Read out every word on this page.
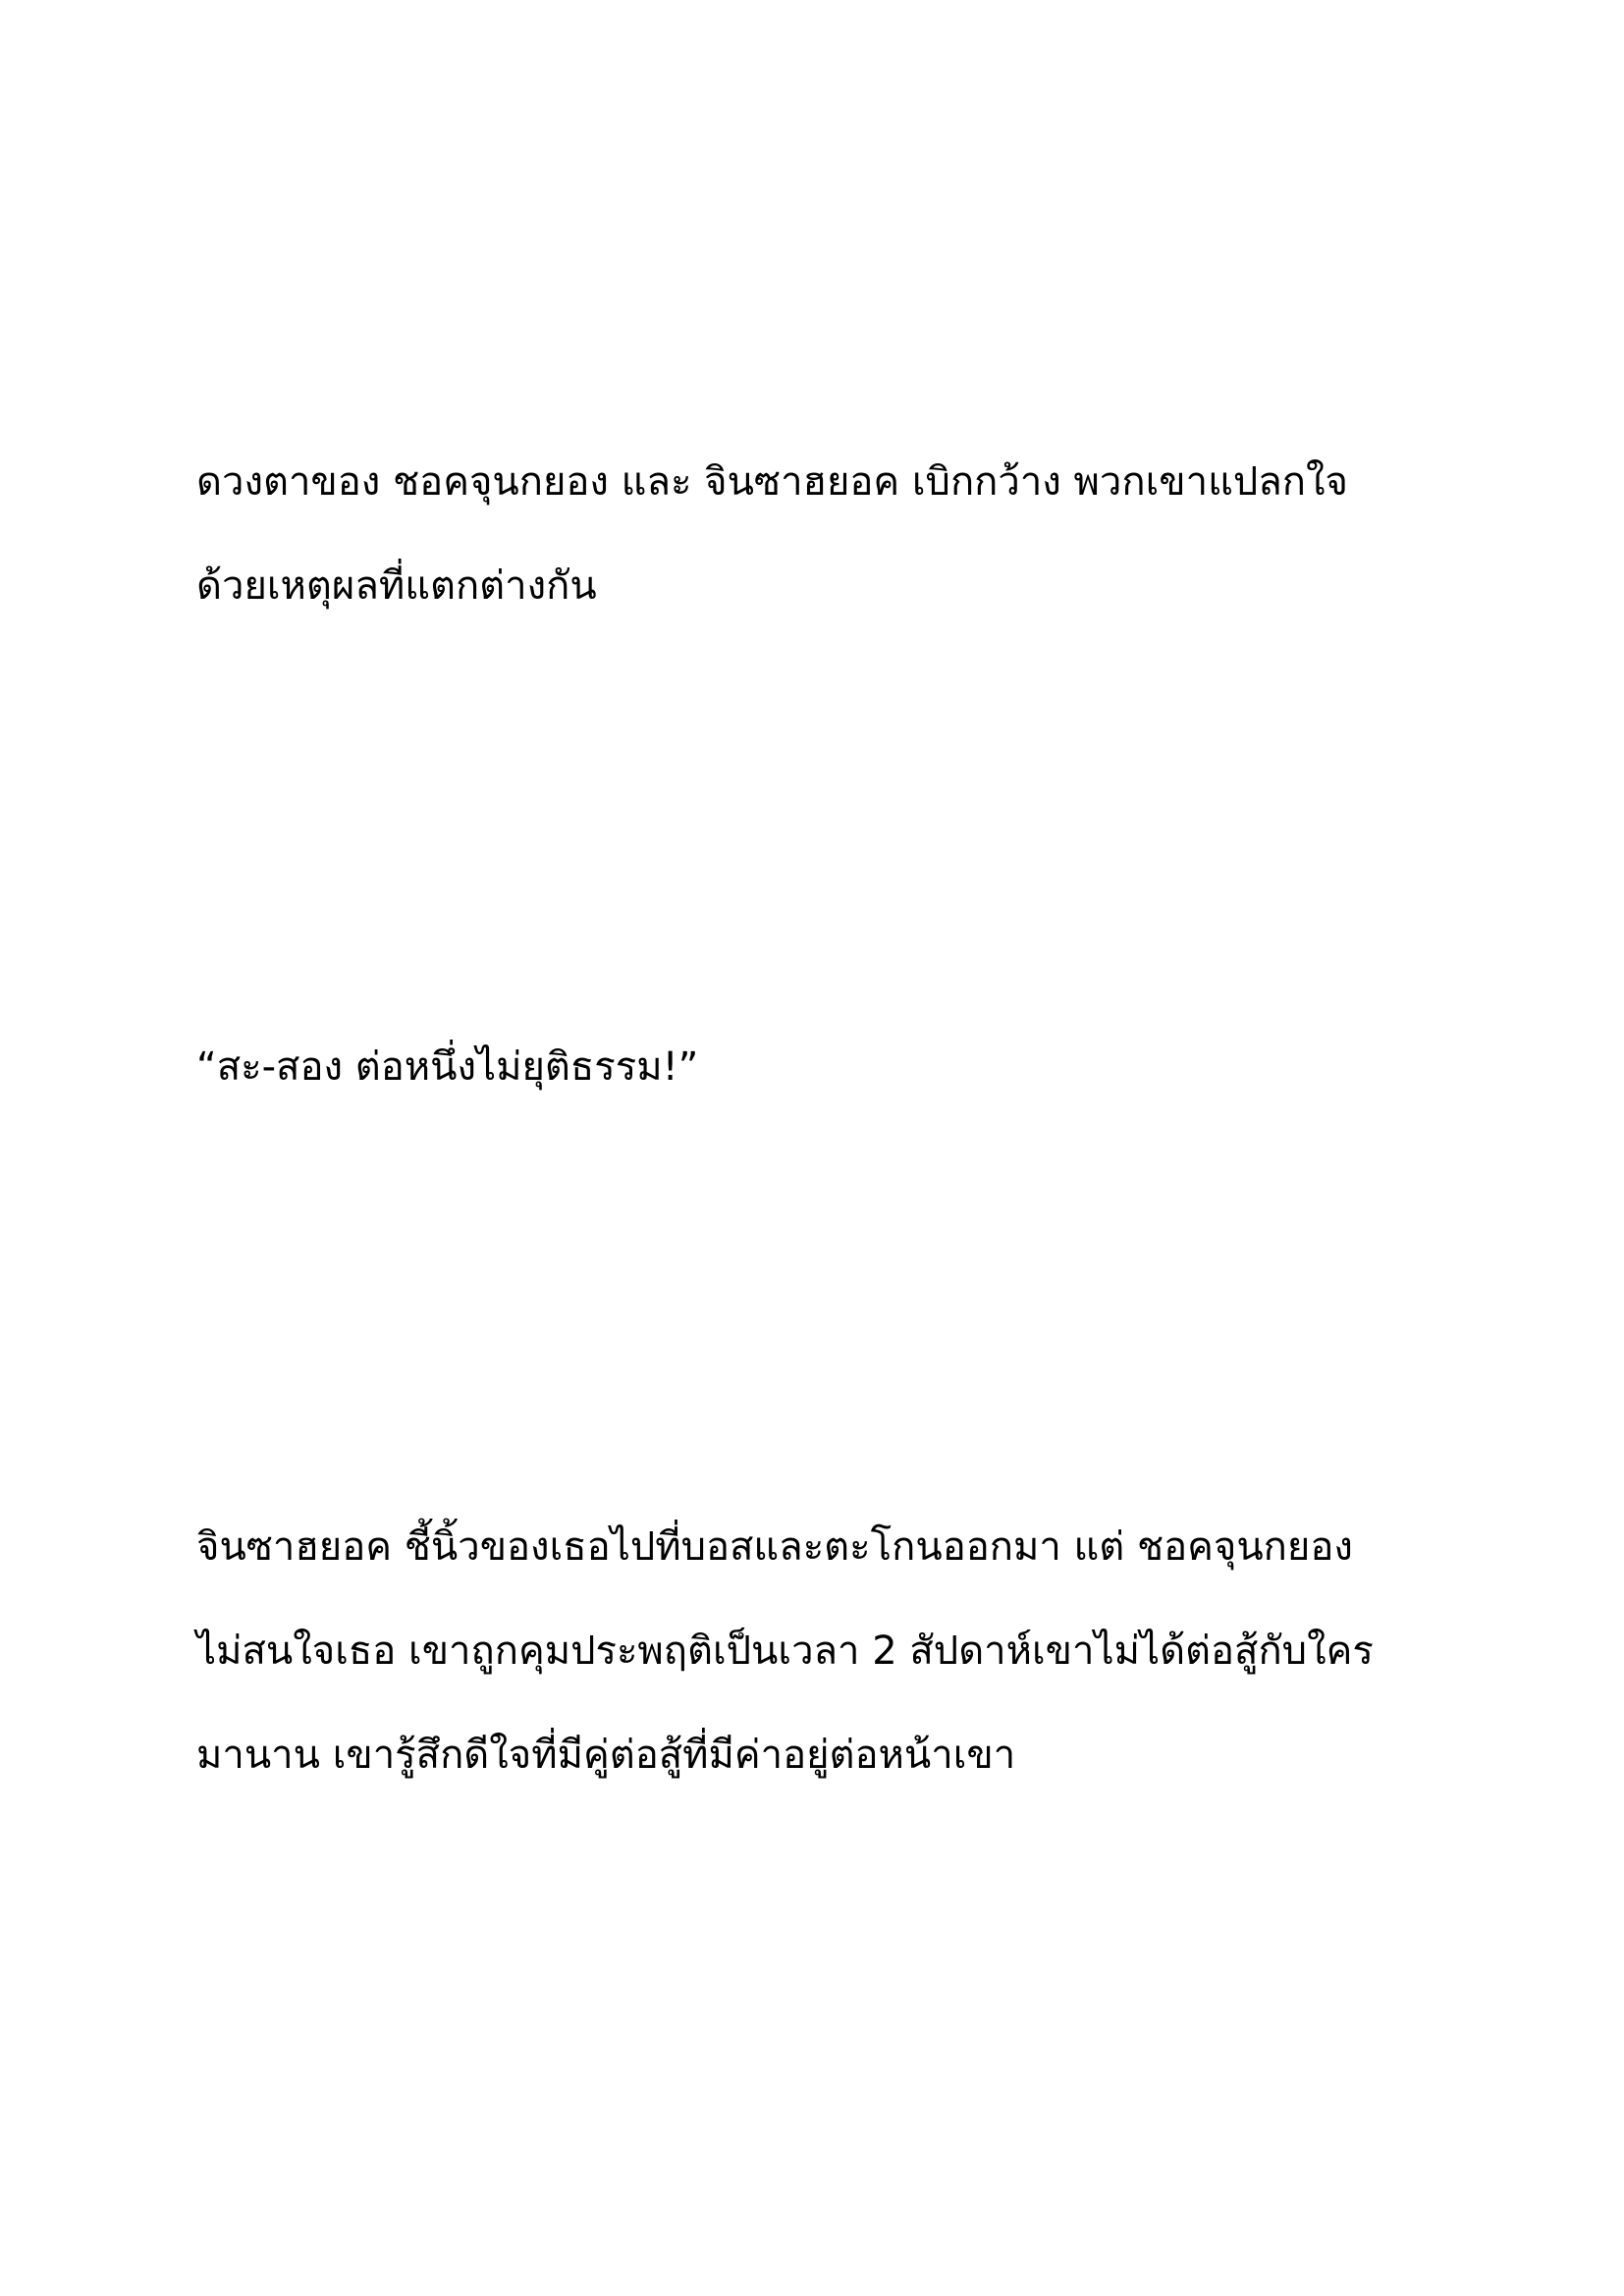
ดวงตาของ ชอคจุนกยอง และ จินซาฮยอค เบิกกว้าง พวกเขาแปลกใจ
ด้วยเหตุผลที่แตกต่างกัน
“สะ-สอง ต่อหนึ่งไม่ยุติธรรม!”
จินซาฮยอค ชี้นิ้วของเธอไปที่บอสและตะโกนออกมา แต่ ชอคจุนกยอง
ไม่สนใจเธอ เขาถูกคุมประพฤติเป็นเวลา 2 สัปดาห์เขาไม่ได้ต่อสู้กับใคร
มานาน เขารู้สึกดีใจที่มีคู่ต่อสู้ที่มีค่าอยู่ต่อหน้าเขา
